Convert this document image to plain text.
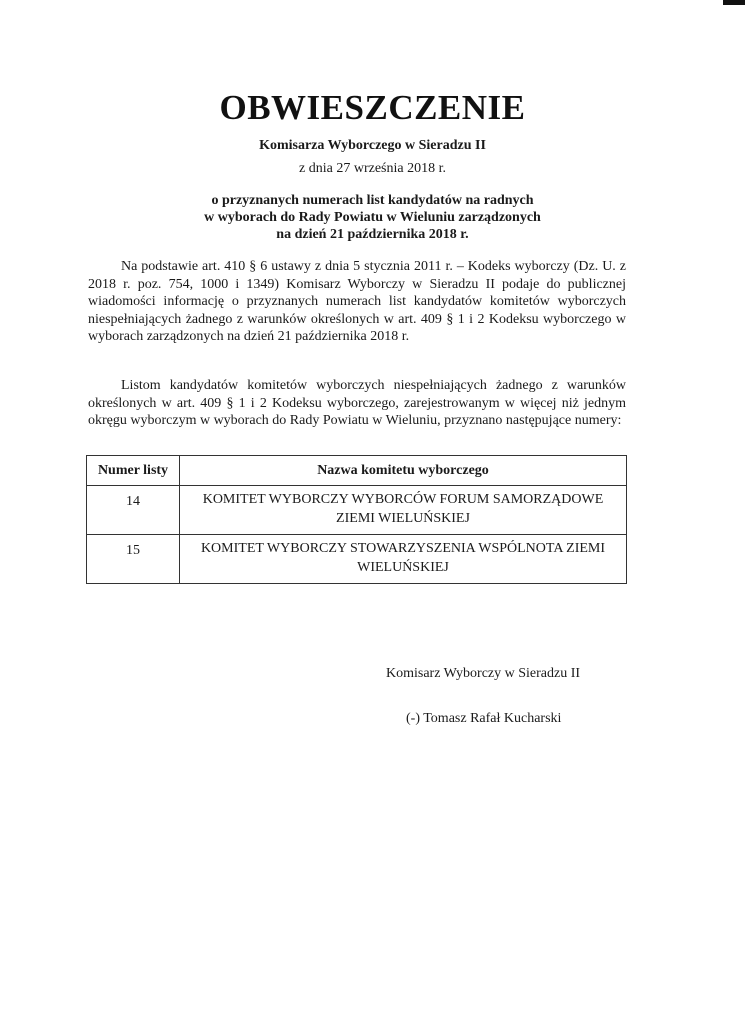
OBWIESZCZENIE
Komisarza Wyborczego w Sieradzu II
z dnia 27 września 2018 r.
o przyznanych numerach list kandydatów na radnych
w wyborach do Rady Powiatu w Wieluniu zarządzonych
na dzień 21 października 2018 r.
Na podstawie art. 410 § 6 ustawy z dnia 5 stycznia 2011 r. – Kodeks wyborczy (Dz. U. z 2018 r. poz. 754, 1000 i 1349) Komisarz Wyborczy w Sieradzu II podaje do publicznej wiadomości informację o przyznanych numerach list kandydatów komitetów wyborczych niespełniających żadnego z warunków określonych w art. 409 § 1 i 2 Kodeksu wyborczego w wyborach zarządzonych na dzień 21 października 2018 r.
Listom kandydatów komitetów wyborczych niespełniających żadnego z warunków określonych w art. 409 § 1 i 2 Kodeksu wyborczego, zarejestrowanym w więcej niż jednym okręgu wyborczym w wyborach do Rady Powiatu w Wieluniu, przyznano następujące numery:
Numer listy	Nazwa komitetu wyborczego
14	KOMITET WYBORCZY WYBORCÓW FORUM SAMORZĄDOWE ZIEMI WIELUŃSKIEJ
15	KOMITET WYBORCZY STOWARZYSZENIA WSPÓLNOTA ZIEMI WIELUŃSKIEJ
Komisarz Wyborczy w Sieradzu II
(-) Tomasz Rafał Kucharski
